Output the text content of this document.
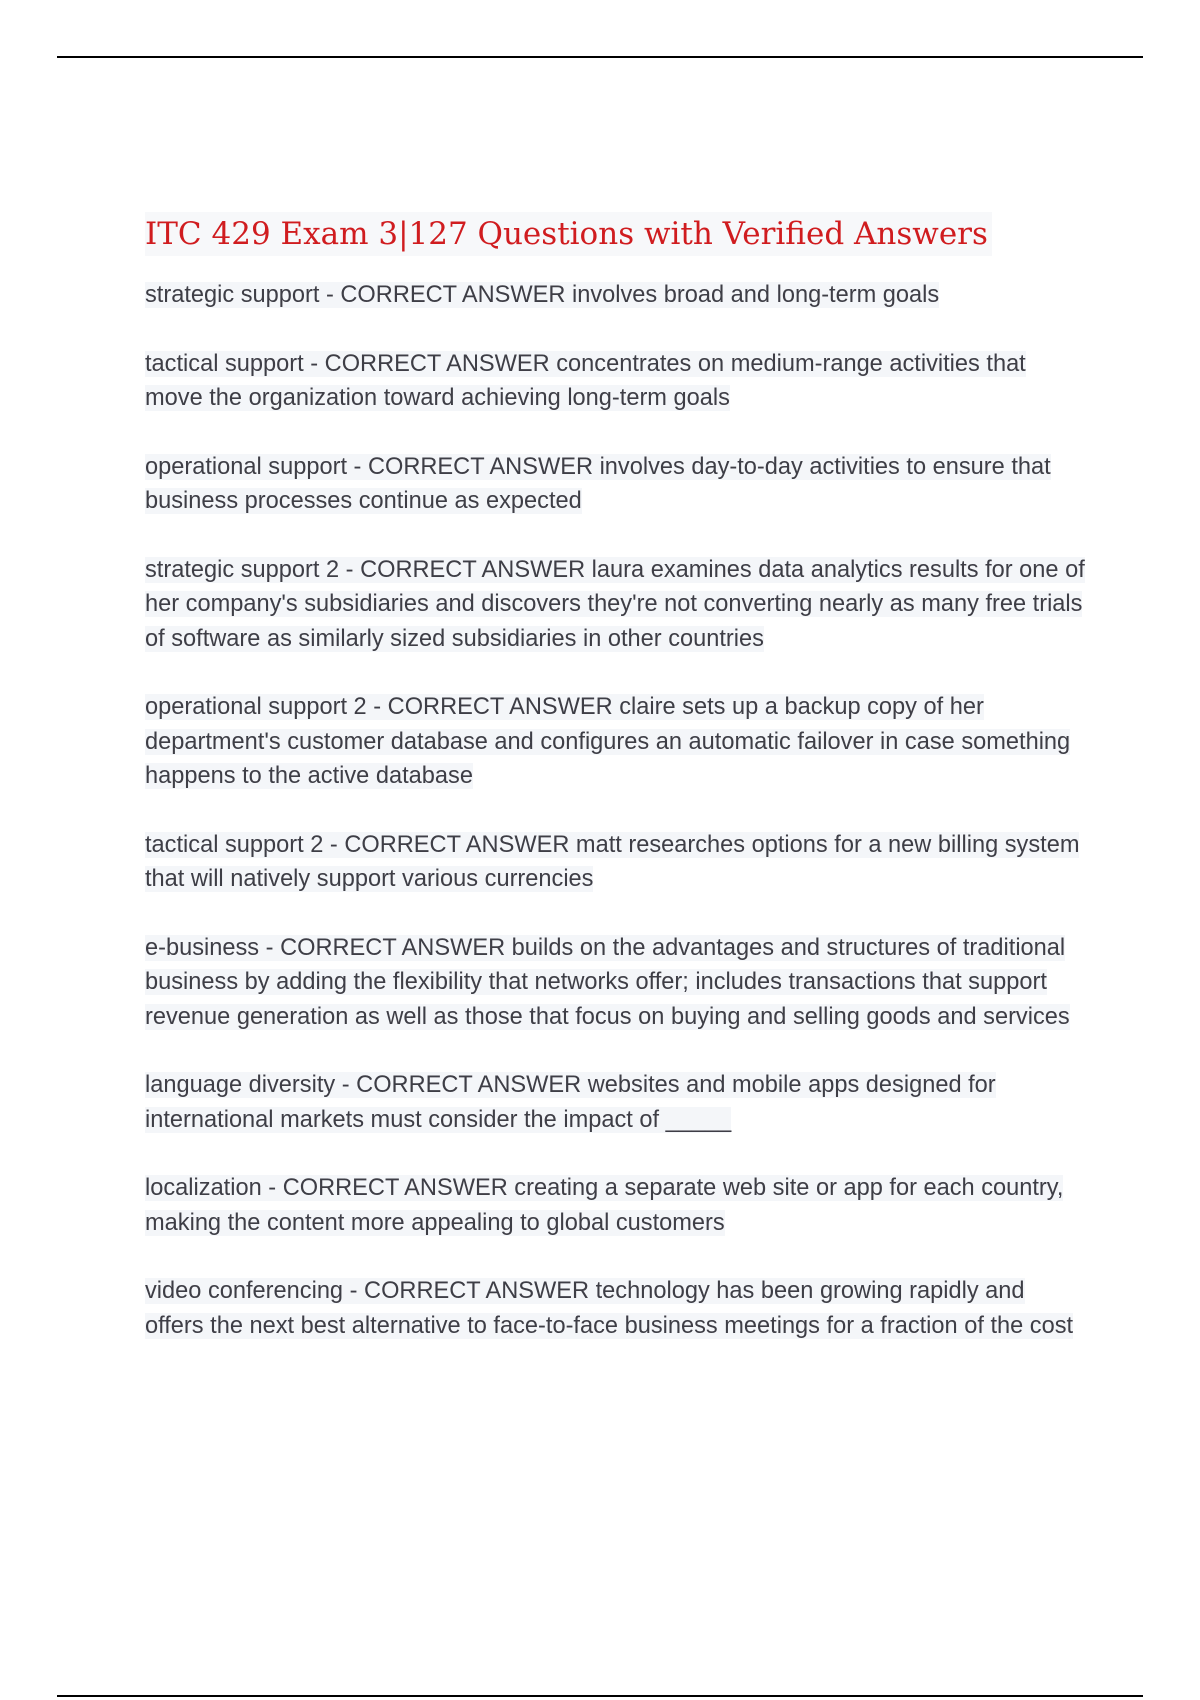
ITC 429 Exam 3|127 Questions with Verified Answers
strategic support - CORRECT ANSWER involves broad and long-term goals
tactical support - CORRECT ANSWER concentrates on medium-range activities that move the organization toward achieving long-term goals
operational support - CORRECT ANSWER involves day-to-day activities to ensure that business processes continue as expected
strategic support 2 - CORRECT ANSWER laura examines data analytics results for one of her company's subsidiaries and discovers they're not converting nearly as many free trials of software as similarly sized subsidiaries in other countries
operational support 2 - CORRECT ANSWER claire sets up a backup copy of her department's customer database and configures an automatic failover in case something happens to the active database
tactical support 2 - CORRECT ANSWER matt researches options for a new billing system that will natively support various currencies
e-business - CORRECT ANSWER builds on the advantages and structures of traditional business by adding the flexibility that networks offer; includes transactions that support revenue generation as well as those that focus on buying and selling goods and services
language diversity - CORRECT ANSWER websites and mobile apps designed for international markets must consider the impact of _____
localization - CORRECT ANSWER creating a separate web site or app for each country, making the content more appealing to global customers
video conferencing - CORRECT ANSWER technology has been growing rapidly and offers the next best alternative to face-to-face business meetings for a fraction of the cost
